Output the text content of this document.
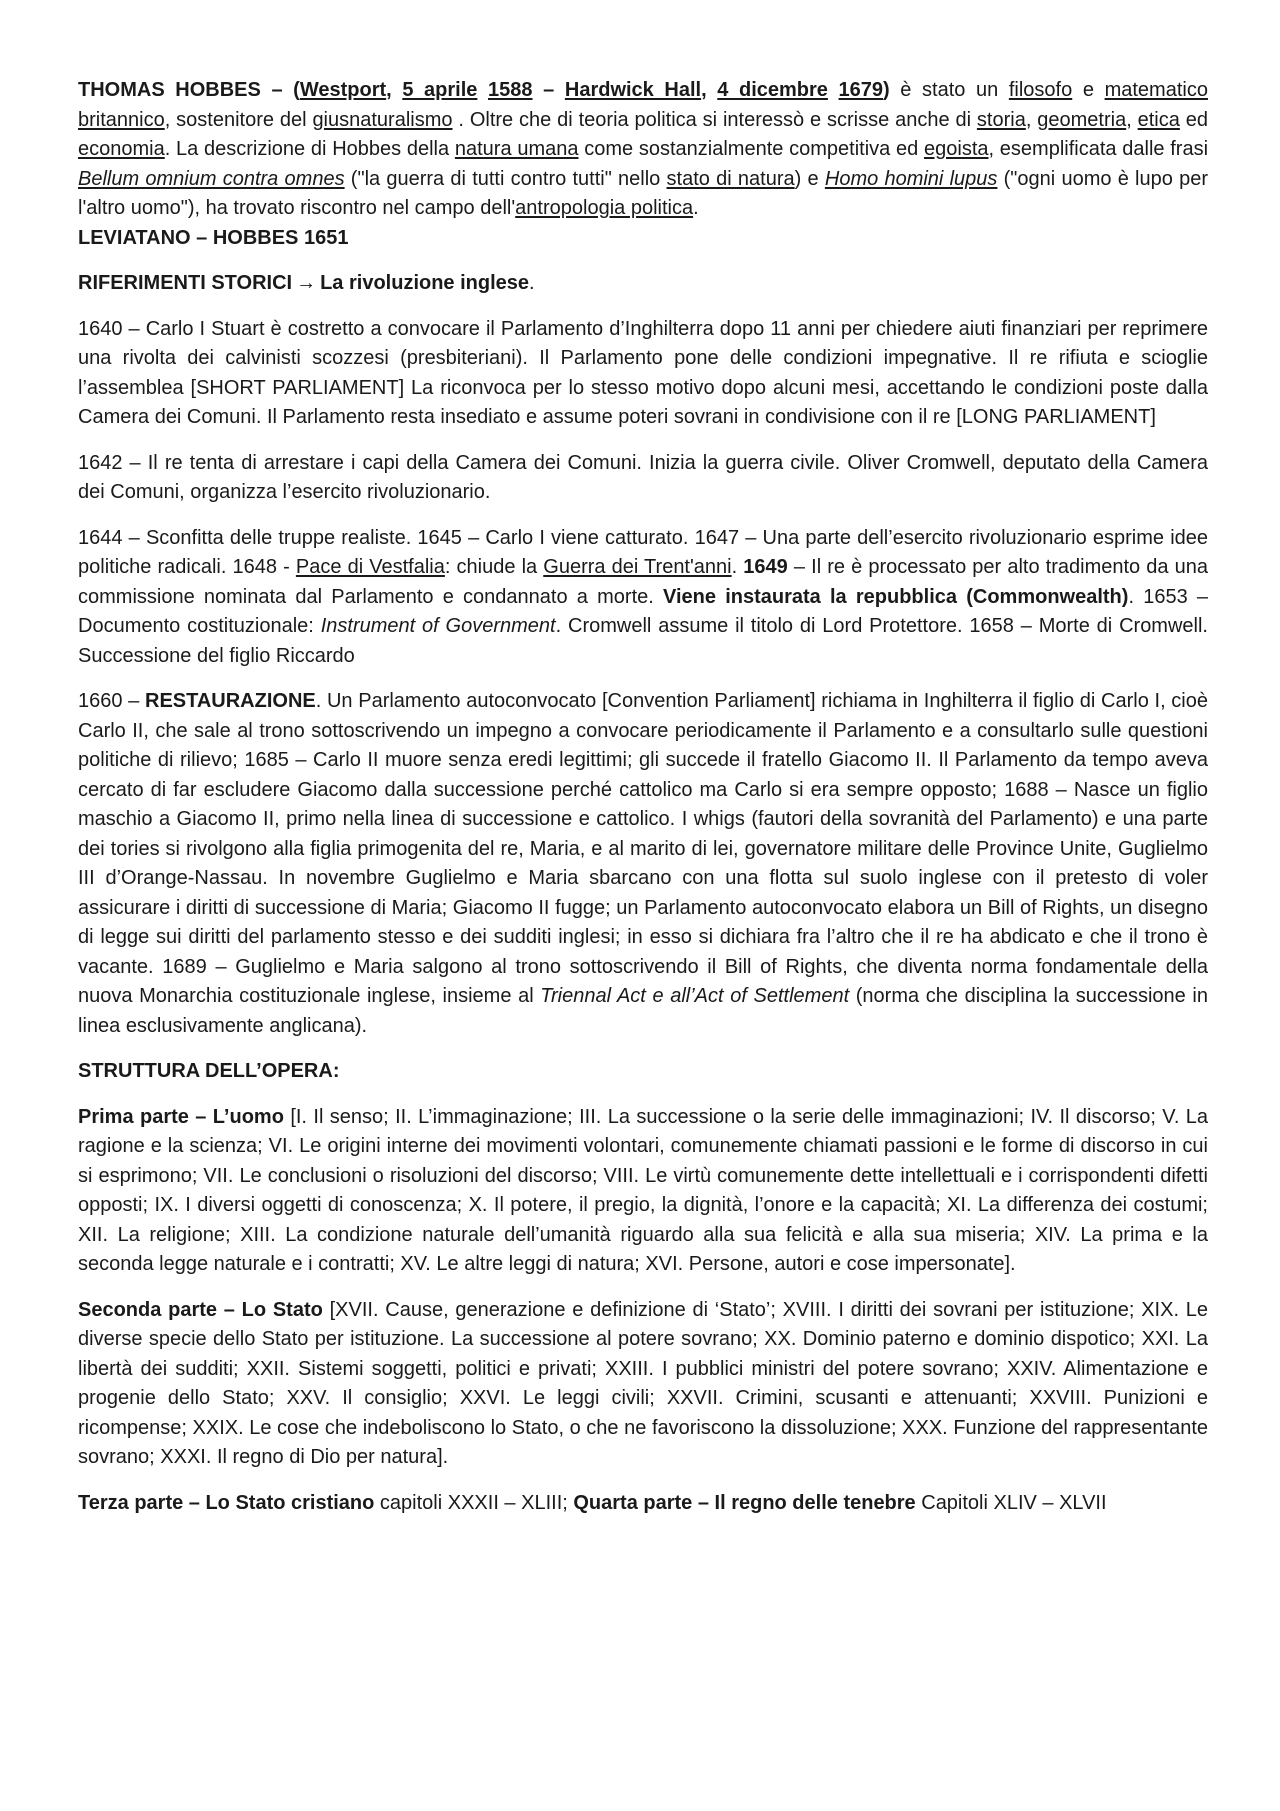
THOMAS HOBBES – (Westport, 5 aprile 1588 – Hardwick Hall, 4 dicembre 1679) è stato un filosofo e matematico britannico, sostenitore del giusnaturalismo . Oltre che di teoria politica si interessò e scrisse anche di storia, geometria, etica ed economia. La descrizione di Hobbes della natura umana come sostanzialmente competitiva ed egoista, esemplificata dalle frasi Bellum omnium contra omnes ("la guerra di tutti contro tutti" nello stato di natura) e Homo homini lupus ("ogni uomo è lupo per l'altro uomo"), ha trovato riscontro nel campo dell'antropologia politica.

LEVIATANO – HOBBES 1651

RIFERIMENTI STORICI → La rivoluzione inglese.

1640 – Carlo I Stuart è costretto a convocare il Parlamento d’Inghilterra dopo 11 anni per chiedere aiuti finanziari per reprimere una rivolta dei calvinisti scozzesi (presbiteriani). Il Parlamento pone delle condizioni impegnative. Il re rifiuta e scioglie l’assemblea [SHORT PARLIAMENT] La riconvoca per lo stesso motivo dopo alcuni mesi, accettando le condizioni poste dalla Camera dei Comuni. Il Parlamento resta insediato e assume poteri sovrani in condivisione con il re [LONG PARLIAMENT]

1642 – Il re tenta di arrestare i capi della Camera dei Comuni. Inizia la guerra civile. Oliver Cromwell, deputato della Camera dei Comuni, organizza l’esercito rivoluzionario.

1644 – Sconfitta delle truppe realiste. 1645 – Carlo I viene catturato. 1647 – Una parte dell’esercito rivoluzionario esprime idee politiche radicali. 1648 - Pace di Vestfalia: chiude la Guerra dei Trent'anni. 1649 – Il re è processato per alto tradimento da una commissione nominata dal Parlamento e condannato a morte. Viene instaurata la repubblica (Commonwealth). 1653 – Documento costituzionale: Instrument of Government. Cromwell assume il titolo di Lord Protettore. 1658 – Morte di Cromwell. Successione del figlio Riccardo

1660 – RESTAURAZIONE. Un Parlamento autoconvocato [Convention Parliament] richiama in Inghilterra il figlio di Carlo I, cioè Carlo II, che sale al trono sottoscrivendo un impegno a convocare periodicamente il Parlamento e a consultarlo sulle questioni politiche di rilievo; 1685 – Carlo II muore senza eredi legittimi; gli succede il fratello Giacomo II. Il Parlamento da tempo aveva cercato di far escludere Giacomo dalla successione perché cattolico ma Carlo si era sempre opposto; 1688 – Nasce un figlio maschio a Giacomo II, primo nella linea di successione e cattolico. I whigs (fautori della sovranità del Parlamento) e una parte dei tories si rivolgono alla figlia primogenita del re, Maria, e al marito di lei, governatore militare delle Province Unite, Guglielmo III d’Orange-Nassau. In novembre Guglielmo e Maria sbarcano con una flotta sul suolo inglese con il pretesto di voler assicurare i diritti di successione di Maria; Giacomo II fugge; un Parlamento autoconvocato elabora un Bill of Rights, un disegno di legge sui diritti del parlamento stesso e dei sudditi inglesi; in esso si dichiara fra l’altro che il re ha abdicato e che il trono è vacante. 1689 – Guglielmo e Maria salgono al trono sottoscrivendo il Bill of Rights, che diventa norma fondamentale della nuova Monarchia costituzionale inglese, insieme al Triennal Act e all’Act of Settlement (norma che disciplina la successione in linea esclusivamente anglicana).

STRUTTURA DELL’OPERA:

Prima parte – L’uomo [I. Il senso; II. L’immaginazione; III. La successione o la serie delle immaginazioni; IV. Il discorso; V. La ragione e la scienza; VI. Le origini interne dei movimenti volontari, comunemente chiamati passioni e le forme di discorso in cui si esprimono; VII. Le conclusioni o risoluzioni del discorso; VIII. Le virtù comunemente dette intellettuali e i corrispondenti difetti opposti; IX. I diversi oggetti di conoscenza; X. Il potere, il pregio, la dignità, l’onore e la capacità; XI. La differenza dei costumi; XII. La religione; XIII. La condizione naturale dell’umanità riguardo alla sua felicità e alla sua miseria; XIV. La prima e la seconda legge naturale e i contratti; XV. Le altre leggi di natura; XVI. Persone, autori e cose impersonate].

Seconda parte – Lo Stato [XVII. Cause, generazione e definizione di ‘Stato’; XVIII. I diritti dei sovrani per istituzione; XIX. Le diverse specie dello Stato per istituzione. La successione al potere sovrano; XX. Dominio paterno e dominio dispotico; XXI. La libertà dei sudditi; XXII. Sistemi soggetti, politici e privati; XXIII. I pubblici ministri del potere sovrano; XXIV. Alimentazione e progenie dello Stato; XXV. Il consiglio; XXVI. Le leggi civili; XXVII. Crimini, scusanti e attenuanti; XXVIII. Punizioni e ricompense; XXIX. Le cose che indeboliscono lo Stato, o che ne favoriscono la dissoluzione; XXX. Funzione del rappresentante sovrano; XXXI. Il regno di Dio per natura].

Terza parte – Lo Stato cristiano capitoli XXXII – XLIII; Quarta parte – Il regno delle tenebre Capitoli XLIV – XLVII
